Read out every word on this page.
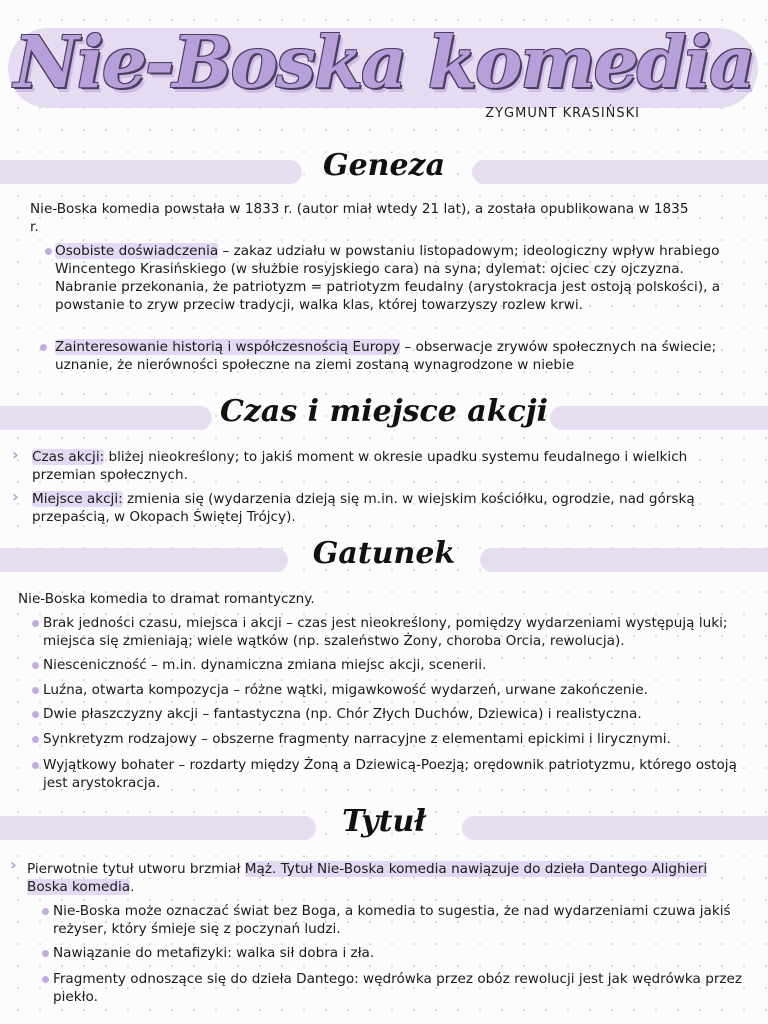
Nie-Boska komedia
ZYGMUNT KRASIŃSKI
Geneza
Nie-Boska komedia powstała w 1833 r. (autor miał wtedy 21 lat), a została opublikowana w 1835 r.
Osobiste doświadczenia – zakaz udziału w powstaniu listopadowym; ideologiczny wpływ hrabiego Wincentego Krasińskiego (w służbie rosyjskiego cara) na syna; dylemat: ojciec czy ojczyzna. Nabranie przekonania, że patriotyzm = patriotyzm feudalny (arystokracja jest ostoją polskości), a powstanie to zryw przeciw tradycji, walka klas, której towarzyszy rozlew krwi.
Zainteresowanie historią i współczesnością Europy – obserwacje zrywów społecznych na świecie; uznanie, że nierówności społeczne na ziemi zostaną wynagrodzone w niebie
Czas i miejsce akcji
› Czas akcji: bliżej nieokreślony; to jakiś moment w okresie upadku systemu feudalnego i wielkich przemian społecznych.
› Miejsce akcji: zmienia się (wydarzenia dzieją się m.in. w wiejskim kościółku, ogrodzie, nad górską przepaścią, w Okopach Świętej Trójcy).
Gatunek
Nie-Boska komedia to dramat romantyczny.
Brak jedności czasu, miejsca i akcji – czas jest nieokreślony, pomiędzy wydarzeniami występują luki; miejsca się zmieniają; wiele wątków (np. szaleństwo Żony, choroba Orcia, rewolucja).
Niesceniczność – m.in. dynamiczna zmiana miejsc akcji, scenerii.
Luźna, otwarta kompozycja – różne wątki, migawkowość wydarzeń, urwane zakończenie.
Dwie płaszczyzny akcji – fantastyczna (np. Chór Złych Duchów, Dziewica) i realistyczna.
Synkretyzm rodzajowy – obszerne fragmenty narracyjne z elementami epickimi i lirycznymi.
Wyjątkowy bohater – rozdarty między Żoną a Dziewicą-Poezją; orędownik patriotyzmu, którego ostoją jest arystokracja.
Tytuł
› Pierwotnie tytuł utworu brzmiał Mąż. Tytuł Nie-Boska komedia nawiązuje do dzieła Dantego Alighieri Boska komedia.
Nie-Boska może oznaczać świat bez Boga, a komedia to sugestia, że nad wydarzeniami czuwa jakiś reżyser, który śmieje się z poczynań ludzi.
Nawiązanie do metafizyki: walka sił dobra i zła.
Fragmenty odnoszące się do dzieła Dantego: wędrówka przez obóz rewolucji jest jak wędrówka przez piekło.
